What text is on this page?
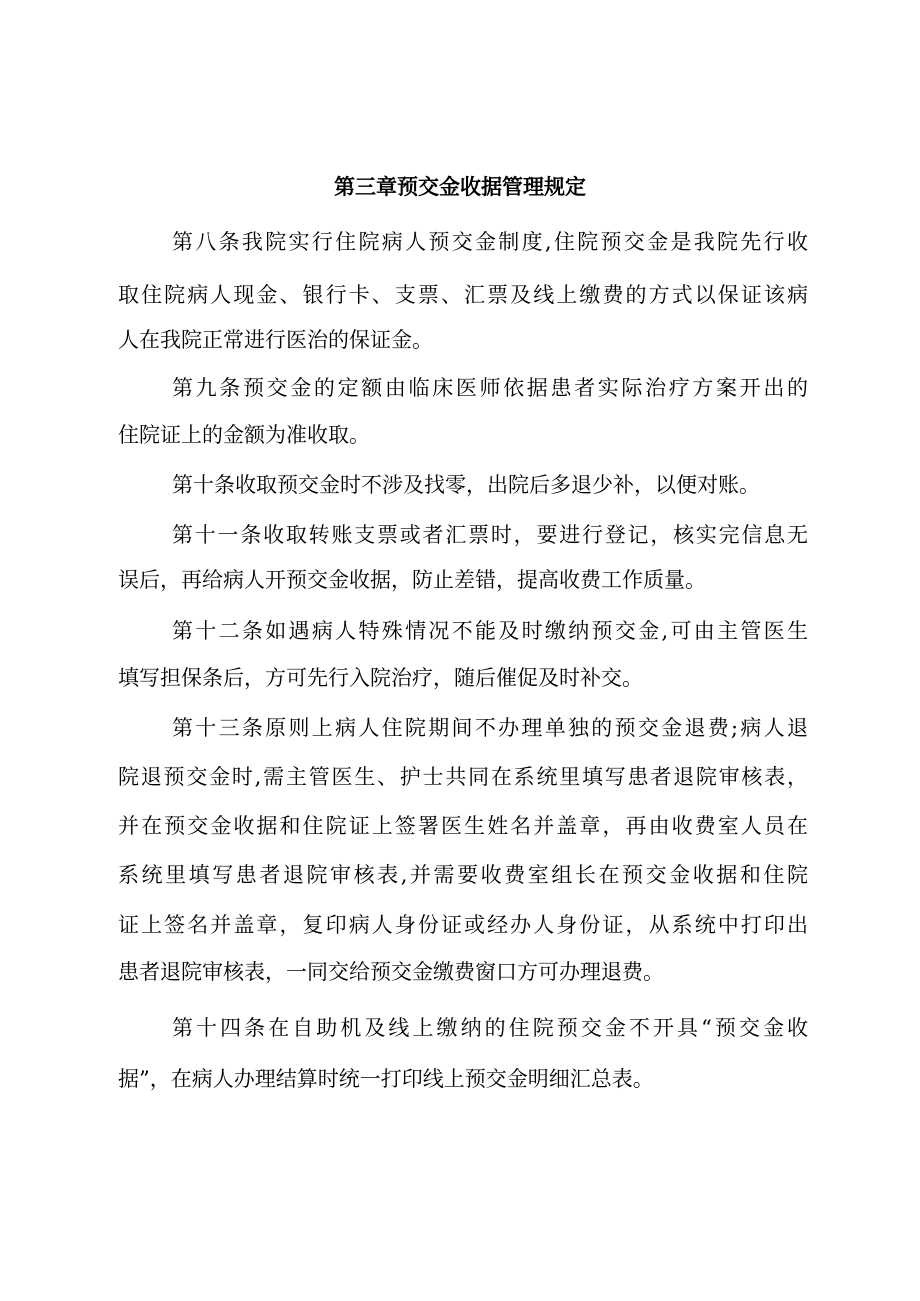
第三章预交金收据管理规定
第八条我院实行住院病人预交金制度,住院预交金是我院先行收
取住院病人现金、银行卡、支票、汇票及线上缴费的方式以保证该病
人在我院正常进行医治的保证金。
第九条预交金的定额由临床医师依据患者实际治疗方案开出的
住院证上的金额为准收取。
第十条收取预交金时不涉及找零，出院后多退少补，以便对账。
第十一条收取转账支票或者汇票时，要进行登记，核实完信息无
误后，再给病人开预交金收据，防止差错，提高收费工作质量。
第十二条如遇病人特殊情况不能及时缴纳预交金,可由主管医生
填写担保条后，方可先行入院治疗，随后催促及时补交。
第十三条原则上病人住院期间不办理单独的预交金退费;病人退
院退预交金时,需主管医生、护士共同在系统里填写患者退院审核表，
并在预交金收据和住院证上签署医生姓名并盖章，再由收费室人员在
系统里填写患者退院审核表,并需要收费室组长在预交金收据和住院
证上签名并盖章，复印病人身份证或经办人身份证，从系统中打印出
患者退院审核表，一同交给预交金缴费窗口方可办理退费。
第十四条在自助机及线上缴纳的住院预交金不开具“预交金收
据”，在病人办理结算时统一打印线上预交金明细汇总表。
